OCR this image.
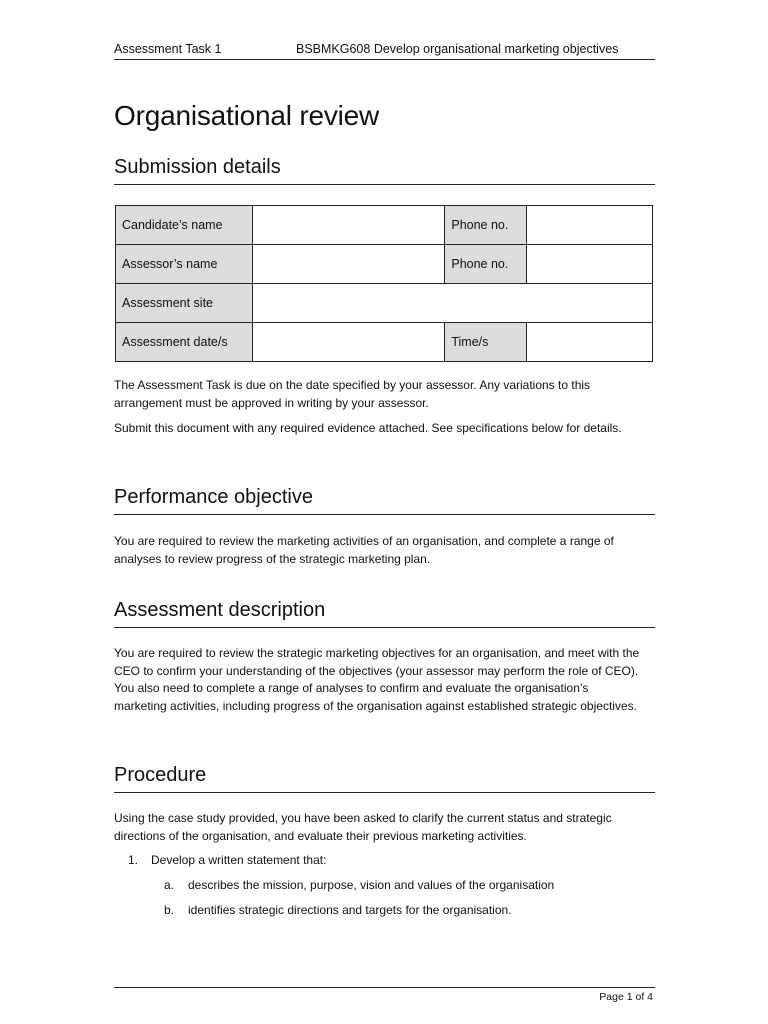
Assessment Task 1	BSBMKG608 Develop organisational marketing objectives
Organisational review
Submission details
Candidate’s name		Phone no.	
Assessor’s name		Phone no.	
Assessment site			
Assessment date/s		Time/s	

The Assessment Task is due on the date specified by your assessor. Any variations to this arrangement must be approved in writing by your assessor.

Submit this document with any required evidence attached. See specifications below for details.

Performance objective

You are required to review the marketing activities of an organisation, and complete a range of analyses to review progress of the strategic marketing plan.

Assessment description

You are required to review the strategic marketing objectives for an organisation, and meet with the CEO to confirm your understanding of the objectives (your assessor may perform the role of CEO). You also need to complete a range of analyses to confirm and evaluate the organisation’s marketing activities, including progress of the organisation against established strategic objectives.

Procedure

Using the case study provided, you have been asked to clarify the current status and strategic directions of the organisation, and evaluate their previous marketing activities.

1. Develop a written statement that:
a. describes the mission, purpose, vision and values of the organisation
b. identifies strategic directions and targets for the organisation.
Page 1 of 4
